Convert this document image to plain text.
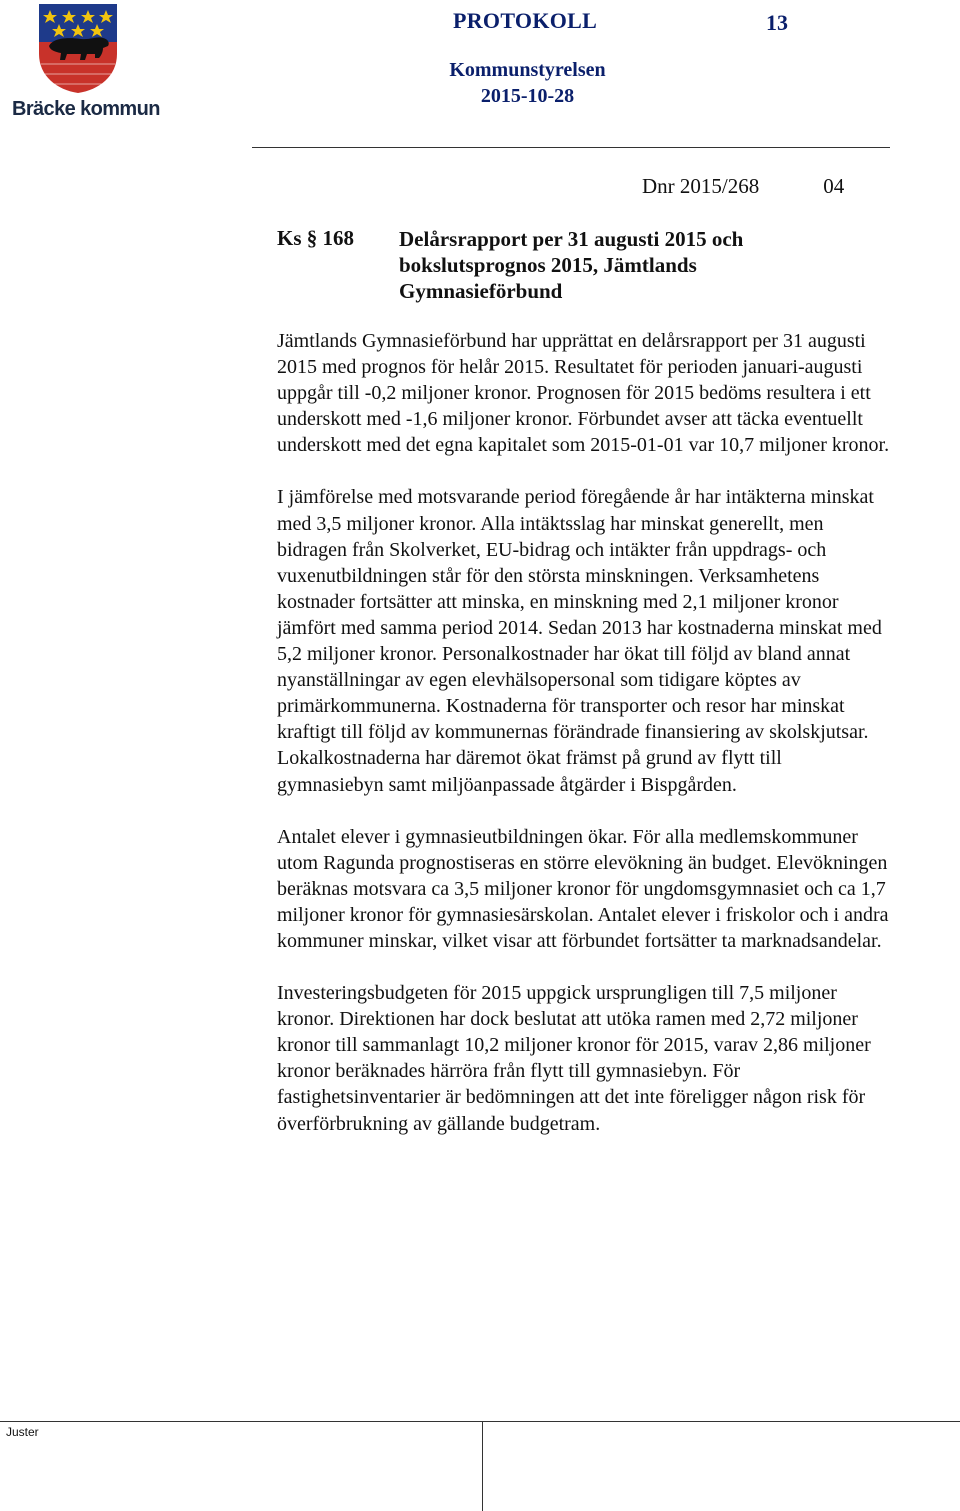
Bräcke kommun
PROTOKOLL	13
Kommunstyrelsen
2015-10-28
Dnr 2015/268	04
Ks § 168 Delårsrapport per 31 augusti 2015 och bokslutsprognos 2015, Jämtlands Gymnasieförbund

Jämtlands Gymnasieförbund har upprättat en delårsrapport per 31 augusti 2015 med prognos för helår 2015. Resultatet för perioden januari-augusti uppgår till -0,2 miljoner kronor. Prognosen för 2015 bedöms resultera i ett underskott med -1,6 miljoner kronor. Förbundet avser att täcka eventuellt underskott med det egna kapitalet som 2015-01-01 var 10,7 miljoner kronor.

I jämförelse med motsvarande period föregående år har intäkterna minskat med 3,5 miljoner kronor. Alla intäktsslag har minskat generellt, men bidragen från Skolverket, EU-bidrag och intäkter från uppdrags- och vuxenutbildningen står för den största minskningen. Verksamhetens kostnader fortsätter att minska, en minskning med 2,1 miljoner kronor jämfört med samma period 2014. Sedan 2013 har kostnaderna minskat med 5,2 miljoner kronor. Personalkostnader har ökat till följd av bland annat nyanställningar av egen elevhälsopersonal som tidigare köptes av primärkommunerna. Kostnaderna för transporter och resor har minskat kraftigt till följd av kommunernas förändrade finansiering av skolskjutsar. Lokalkostnaderna har däremot ökat främst på grund av flytt till gymnasiebyn samt miljöanpassade åtgärder i Bispgården.

Antalet elever i gymnasieutbildningen ökar. För alla medlemskommuner utom Ragunda prognostiseras en större elevökning än budget. Elevökningen beräknas motsvara ca 3,5 miljoner kronor för ungdomsgymnasiet och ca 1,7 miljoner kronor för gymnasiesärskolan. Antalet elever i friskolor och i andra kommuner minskar, vilket visar att förbundet fortsätter ta marknadsandelar.

Investeringsbudgeten för 2015 uppgick ursprungligen till 7,5 miljoner kronor. Direktionen har dock beslutat att utöka ramen med 2,72 miljoner kronor till sammanlagt 10,2 miljoner kronor för 2015, varav 2,86 miljoner kronor beräknades härröra från flytt till gymnasiebyn. För fastighetsinventarier är bedömningen att det inte föreligger någon risk för överförbrukning av gällande budgetram.

Juster
